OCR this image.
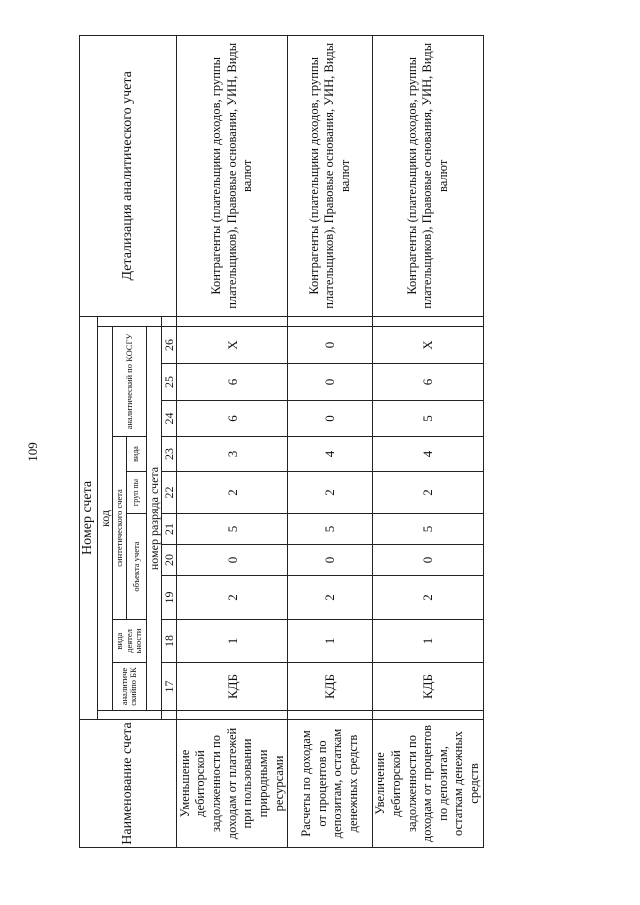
109
Наименование счета	Номер счета												Детализация аналитического учета
		код											
		аналитиче скийпо БК	вида деятел ьности	синтетического счета					аналитический по КОСГУ				
				объекта учета			груп пы	вида					
		номер разряда счета											
		17	18	19	20	21	22	23	24	25	26		
Уменьшение дебиторской задолженности по доходам от платежей при пользовании природными ресурсами		КДБ	1	2	0	5	2	3	6	6	X		Контрагенты (плательщики доходов, группы плательщиков), Правовые основания, УИН, Виды валют
Расчеты по доходам от процентов по депозитам, остаткам денежных средств		КДБ	1	2	0	5	2	4	0	0	0		Контрагенты (плательщики доходов, группы плательщиков), Правовые основания, УИН, Виды валют
Увеличение дебиторской задолженности по доходам от процентов по депозитам, остаткам денежных средств		КДБ	1	2	0	5	2	4	5	6	X		Контрагенты (плательщики доходов, группы плательщиков), Правовые основания, УИН, Виды валют
